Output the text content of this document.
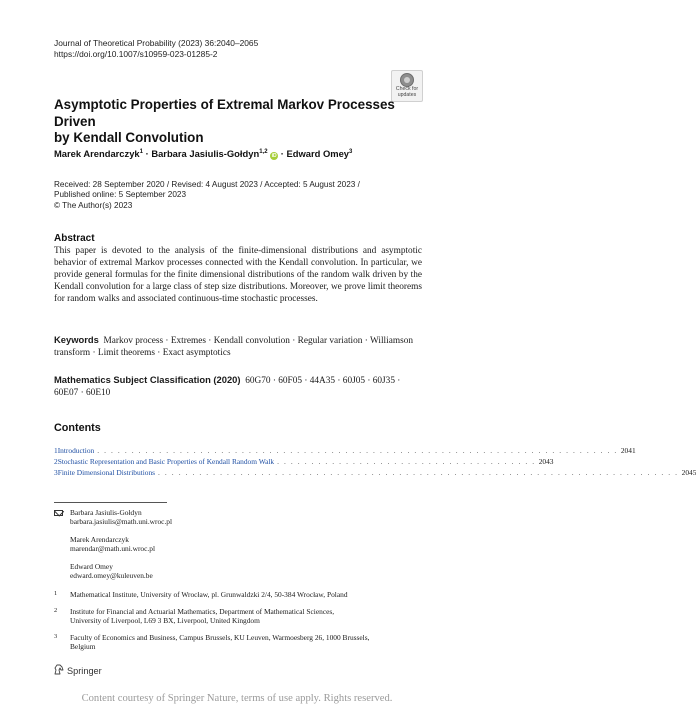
Journal of Theoretical Probability (2023) 36:2040–2065
https://doi.org/10.1007/s10959-023-01285-2
Check for
updates
Asymptotic Properties of Extremal Markov Processes Driven
by Kendall Convolution
Marek Arendarczyk$^1$ · Barbara Jasiulis-Gołdyn$^{1,2}$ iD · Edward Omey$^3$
Received: 28 September 2020 / Revised: 4 August 2023 / Accepted: 5 August 2023 /
Published online: 5 September 2023
© The Author(s) 2023
Abstract
This paper is devoted to the analysis of the finite-dimensional distributions and asymptotic behavior of extremal Markov processes connected with the Kendall convolution. In particular, we provide general formulas for the finite dimensional distributions of the random walk driven by the Kendall convolution for a large class of step size distributions. Moreover, we prove limit theorems for random walks and associated continuous-time stochastic processes.
Keywords Markov process · Extremes · Kendall convolution · Regular variation · Williamson transform · Limit theorems · Exact asymptotics
Mathematics Subject Classification (2020) 60G70 · 60F05 · 44A35 · 60J05 · 60J35 · 60E07 · 60E10
Contents
1 Introduction . . . . . . . . . . . . . . . . . . . . . . . . . . . . . . . . . . . . . . . . . . . . . . . . . . . . . . . . . . . . . . . . . . . . . . . . . . . . 2041
2 Stochastic Representation and Basic Properties of Kendall Random Walk . . . . . . . . . . . . . . . . . . . . . . . . . . . . . . . . . . . . . . 2043
3 Finite Dimensional Distributions . . . . . . . . . . . . . . . . . . . . . . . . . . . . . . . . . . . . . . . . . . . . . . . . . . . . . . . . . . . . . . . . . . . . . . . . . . . . 2045
Barbara Jasiulis-Gołdyn
barbara.jasiulis@math.uni.wroc.pl
Marek Arendarczyk
marendar@math.uni.wroc.pl
Edward Omey
edward.omey@kuleuven.be
1 Mathematical Institute, University of Wrocław, pl. Grunwaldzki 2/4, 50-384 Wrocław, Poland
2 Institute for Financial and Actuarial Mathematics, Department of Mathematical Sciences,
University of Liverpool, L69 3 BX, Liverpool, United Kingdom
3 Faculty of Economics and Business, Campus Brussels, KU Leuven, Warmoesberg 26, 1000 Brussels,
Belgium
Springer
Content courtesy of Springer Nature, terms of use apply. Rights reserved.
